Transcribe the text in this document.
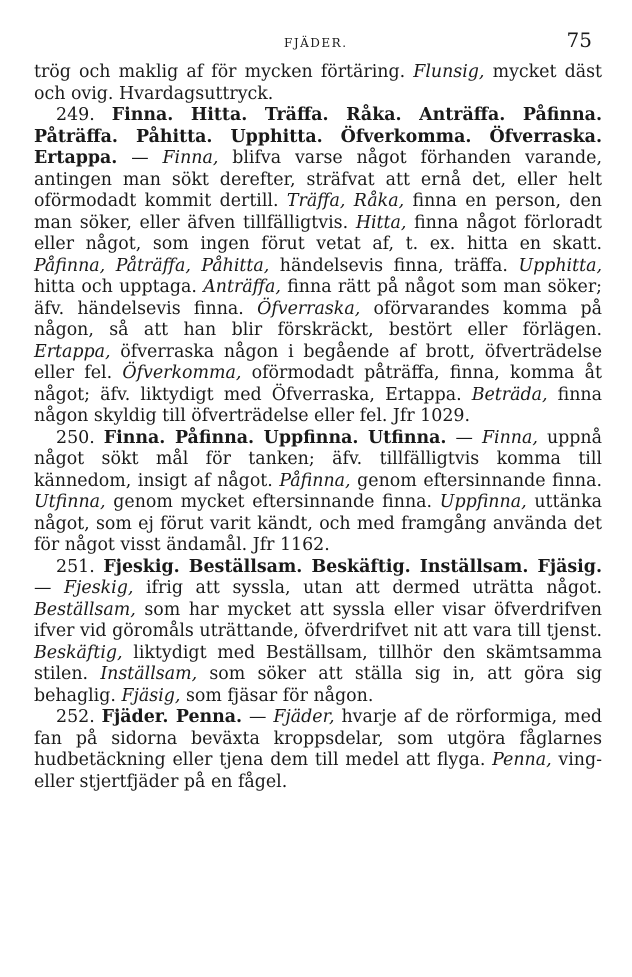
FJÄDER.	75

trög och maklig af för mycken förtäring. Flunsig, mycket däst och ovig. Hvardagsuttryck.

249. Finna. Hitta. Träffa. Råka. Anträffa. Påfinna. Påträffa. Påhitta. Upphitta. Öfverkomma. Öfverraska. Ertappa. — Finna, blifva varse något förhanden varande, antingen man sökt derefter, sträfvat att ernå det, eller helt oförmodadt kommit dertill. Träffa, Råka, finna en person, den man söker, eller äfven tillfälligtvis. Hitta, finna något förloradt eller något, som ingen förut vetat af, t. ex. hitta en skatt. Påfinna, Påträffa, Påhitta, händelsevis finna, träffa. Upphitta, hitta och upptaga. Anträffa, finna rätt på något som man söker; äfv. händelsevis finna. Öfverraska, oförvarandes komma på någon, så att han blir förskräckt, bestört eller förlägen. Ertappa, öfverraska någon i begående af brott, öfverträdelse eller fel. Öfverkomma, oförmodadt påträffa, finna, komma åt något; äfv. liktydigt med Öfverraska, Ertappa. Beträda, finna någon skyldig till öfverträdelse eller fel. Jfr 1029.

250. Finna. Påfinna. Uppfinna. Utfinna. — Finna, uppnå något sökt mål för tanken; äfv. tillfälligtvis komma till kännedom, insigt af något. Påfinna, genom eftersinnande finna. Utfinna, genom mycket eftersinnande finna. Uppfinna, uttänka något, som ej förut varit kändt, och med framgång använda det för något visst ändamål. Jfr 1162.

251. Fjeskig. Beställsam. Beskäftig. Inställsam. Fjäsig. — Fjeskig, ifrig att syssla, utan att dermed uträtta något. Beställsam, som har mycket att syssla eller visar öfverdrifven ifver vid göromåls uträttande, öfverdrifvet nit att vara till tjenst. Beskäftig, liktydigt med Beställsam, tillhör den skämtsamma stilen. Inställsam, som söker att ställa sig in, att göra sig behaglig. Fjäsig, som fjäsar för någon.

252. Fjäder. Penna. — Fjäder, hvarje af de rörformiga, med fan på sidorna beväxta kroppsdelar, som utgöra fåglarnes hudbetäckning eller tjena dem till medel att flyga. Penna, ving- eller stjertfjäder på en fågel.
